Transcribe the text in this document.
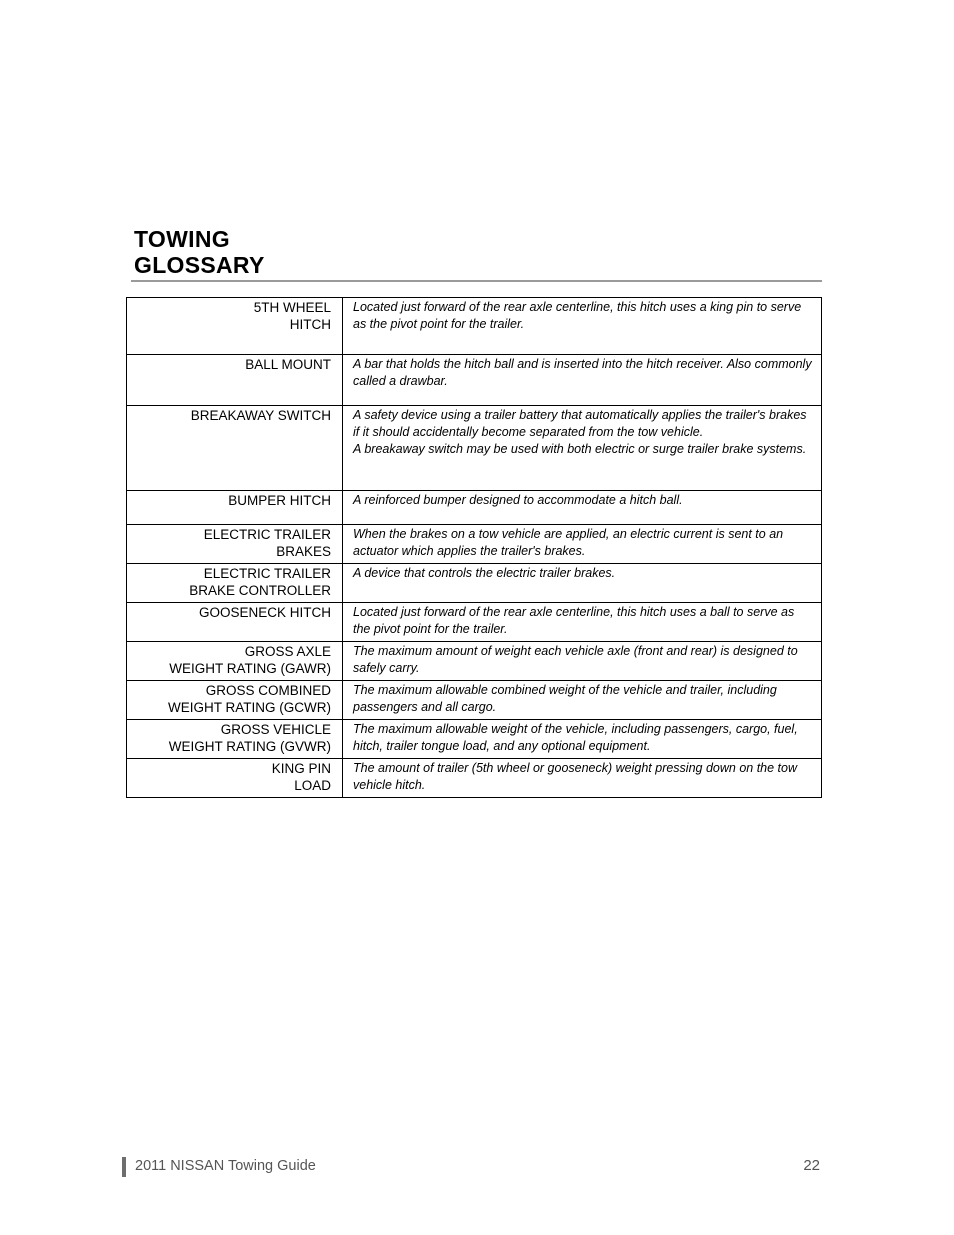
TOWING
GLOSSARY
5TH WHEEL
HITCH	Located just forward of the rear axle centerline, this hitch uses a king pin to serve as the pivot point for the trailer.

BALL MOUNT	A bar that holds the hitch ball and is inserted into the hitch receiver. Also commonly called a drawbar.

BREAKAWAY SWITCH	A safety device using a trailer battery that automatically applies the trailer's brakes if it should accidentally become separated from the tow vehicle.
A breakaway switch may be used with both electric or surge trailer brake systems.

BUMPER HITCH	A reinforced bumper designed to accommodate a hitch ball.

ELECTRIC TRAILER
BRAKES	When the brakes on a tow vehicle are applied, an electric current is sent to an actuator which applies the trailer's brakes.

ELECTRIC TRAILER
BRAKE CONTROLLER	A device that controls the electric trailer brakes.

GOOSENECK HITCH	Located just forward of the rear axle centerline, this hitch uses a ball to serve as the pivot point for the trailer.

GROSS AXLE
WEIGHT RATING (GAWR)	The maximum amount of weight each vehicle axle (front and rear) is designed to safely carry.

GROSS COMBINED
WEIGHT RATING (GCWR)	The maximum allowable combined weight of the vehicle and trailer, including passengers and all cargo.

GROSS VEHICLE
WEIGHT RATING (GVWR)	The maximum allowable weight of the vehicle, including passengers, cargo, fuel, hitch, trailer tongue load, and any optional equipment.

KING PIN
LOAD	The amount of trailer (5th wheel or gooseneck) weight pressing down on the tow vehicle hitch.
2011 NISSAN Towing Guide	22
